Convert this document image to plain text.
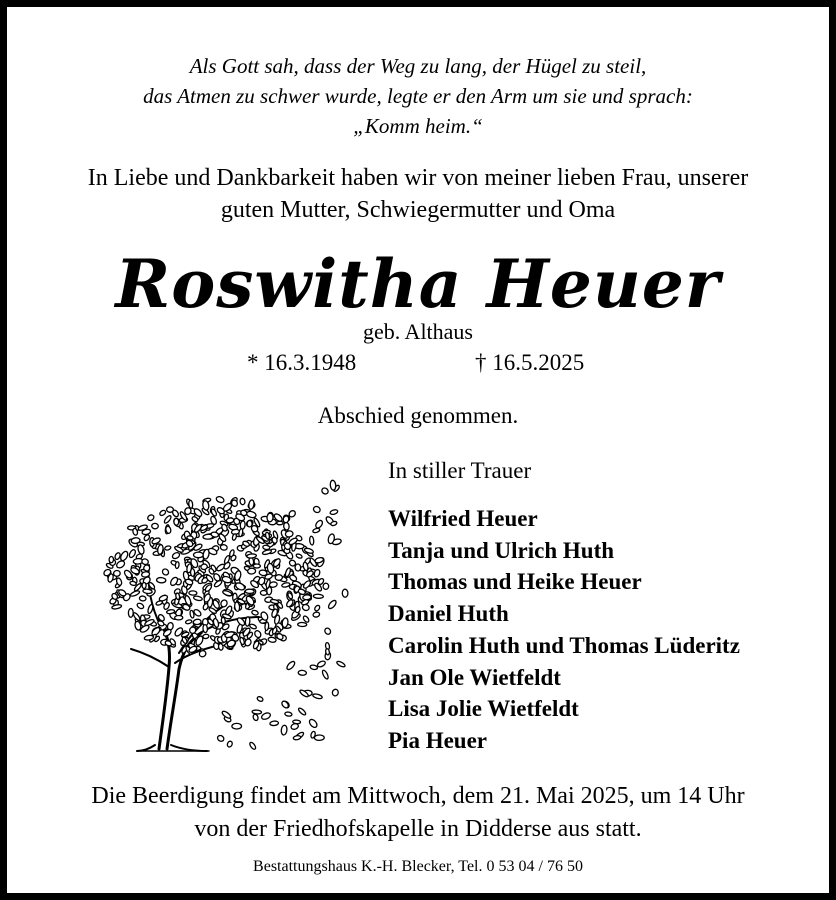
Als Gott sah, dass der Weg zu lang, der Hügel zu steil,
das Atmen zu schwer wurde, legte er den Arm um sie und sprach:
„Komm heim.“
In Liebe und Dankbarkeit haben wir von meiner lieben Frau, unserer
guten Mutter, Schwiegermutter und Oma
Roswitha Heuer
geb. Althaus
* 16.3.1948	† 16.5.2025
Abschied genommen.
In stiller Trauer
Wilfried Heuer
Tanja und Ulrich Huth
Thomas und Heike Heuer
Daniel Huth
Carolin Huth und Thomas Lüderitz
Jan Ole Wietfeldt
Lisa Jolie Wietfeldt
Pia Heuer
Die Beerdigung findet am Mittwoch, dem 21. Mai 2025, um 14 Uhr
von der Friedhofskapelle in Didderse aus statt.
Bestattungshaus K.-H. Blecker, Tel. 0 53 04 / 76 50
